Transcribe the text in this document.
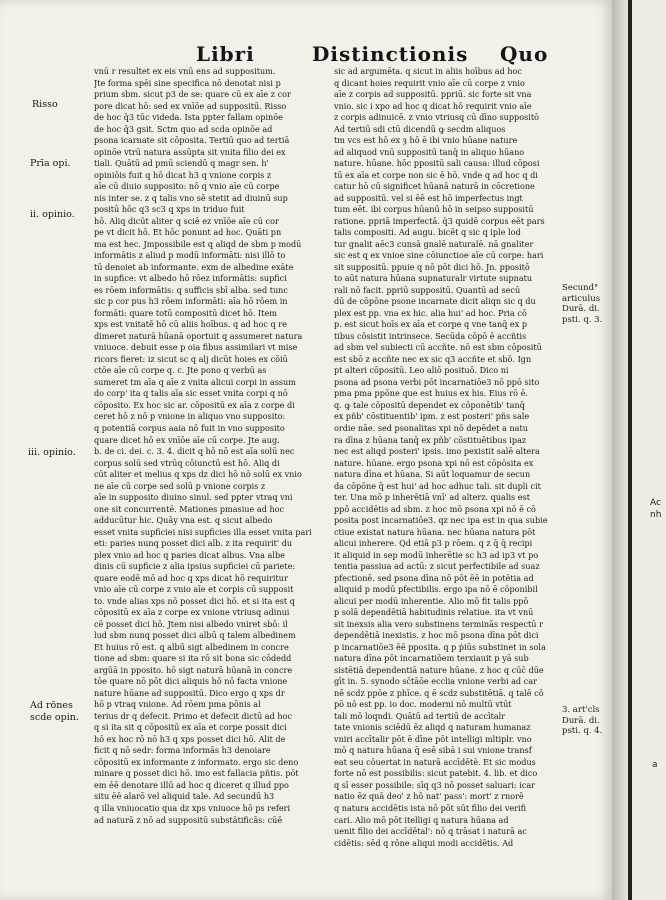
Libri	Distinctionis Quo
Risso
Prīa opi.
ii. opinio.
iii. opinio.
Ad rōnes
scde opin.
vnū r resultet ex eis vnū ens ad suppositum.
Jte forma spēi sine specifica nō denotat nisi p
prium sbm. sicut p3 de se: quare cū ex aīe z cor
pore dicat hō: sed ex vnīōe ad suppositū. Risso
de hoc q̄3 tūc videda. Ista ppter fallam opinōe
de hoc q̄3 gsit. Sctm quo ad scda opinōe ad
psona icarnate sit cōposita. Tertiū quo ad tertiā
opinōe vtrū natura assūpta sit vnita filio dei ex
tiali. Quātū ad pmū sciendū q magr sen. h'
opiniōis fuit q hō dicat h3 q vnione corpis z
aīe cū diuio supposito: nō q vnio aīe cū corpe
nis inter se. z q talis vno sē stetit ad diuinū sup
positū hōc q3 sc3 q xps in triduo fuit
hō. Aliq dicūt aliter q sciē ez vnīōe aīe cū cor
pe vt dicit hō. Et hōc ponunt ad hoc. Quāti pn
ma est hec. Jmpossibile est q aliqd de sbm p modū
informātis z aliud p modū informāti: nisi illō to
tū denoiet ab informante. exm de albedine exāte
in supfice: vt albedo hō rōez informātis: supfici
es rōem informātis: q sufficis sbī alba. sed tunc
sic p cor pus h3 rōem informāti: aīa hō rōem in
formāti: quare totū compositū dicet hō. Item
xps est vnitatē hō cū aliis hoībus. q ad hoc q re
dimeret naturā hūanā oportuit q assumeret natura
vniuoce. debuit esse p oia fibus assimilari vt mise
ricors fieret: iz sicut sc q alj dicūt hoies ex cōiū
ctōe aīe cū corpe q. c. Jte pono q verbū as
sumeret tm aīa q aīe z vnita alicui corpi in assum
do corp' ita q talis aīa sic esset vnita corpi q nō
cōposito. Ex hoc sic ar. cōpositū ex aīa z corpe di
ceret hō z nō p vnione in aliquo vno supposito:
q potentiā corpus aaia nō fuit in vno supposito
quare dicet hō ex vnīōe aīe cū corpe. Jte aug.
b. de ci. dei. c. 3. 4. dicit q hō nō est aīa solū nec
corpus solū sed vtrūq cōiunctū est hō. Aliq di
cūt aliter et melius q xps dz dici hō nō solū ex vnio
ne aīe cū corpe sed solū p vnione corpis z
aīe in supposito diuino sinul. sed ppter vtraq vni
one sit concurrentē. Mationes pmasiue ad hoc
adducūtur hic. Quāy vna est. q sicut albedo
esset vnita supficiei nisi supficies illa esset vnita pari
eti: paries nunq posset dici alb. z ita requirit' du
plex vnio ad hoc q paries dicat albus. Vna albe
dinis cū supficie z alia ipsius supficiei cū pariete:
quare eodē mō ad hoc q xps dicat hō requiritur
vnio aīe cū corpe z vnio aīe et corpis cū supposit
to. vnde alias xps nō posset dici hō. et si ita est q
cōpositū ex aīa z corpe ex vnione vtriusq adinui
cē posset dici hō. Jtem nisi albedo vniret sbō: il
lud sbm nunq posset dici albū q talem albedinem
Et huius rō est. q albū sigt albedinem in concre
tione ad sbm: quare si ita rō sit bona sic cōdedd
argūā in pposito. hō sigt naturā hūanā in concre
tōe quare nō pōt dici aliquis hō nō facta vnione
nature hūane ad suppositū. Dico ergo q xps dr
hō p vtraq vnione. Ad rōem pma pōnis al
terius dr q defecit. Primo et defecit dictū ad hoc
q si ita sit q cōpositū ex aīa et corpe possit dici
hō ex hoc rō nō h3 q xps posset dici hō. Alit de
ficit q nō sedr: forma informās h3 denoiare
cōpositū ex informante z informato. ergo sic deno
minare q posset dici hō. imo est fallacia pñtis. pōt
em ēē denotare illū ad hoc q diceret q illud ppo
situ ēē alarō vel aliquid tale. Ad secundū h3
q illa vniuocatio qua dz xps vniuoce hō ps referi
ad naturā z nō ad suppositū substātificās: cūē
sic ad argumēta. q sicut in aliis hoībus ad hoc
q dicant hoies requirit vnio aīe cū corpe z vnio
aīe z corpis ad suppositū. ppriū. sic forte sit vna
vnio. sic i xpo ad hoc q dicat hō requirit vnio aīe
z corpis adinuicē. z vnio vtriusq cū dīno suppositō
Ad tertiū sdi ctū dicendū ꝙ secdm aliquos
tm vcs est hō ex ȝ hō ē ibi vnio hūane nature
ad aliquod vnū suppositū tanq̄ in aliquo hūano
nature. hūane. hōc ppositū sali causa: illud cōposi
tū ex aīa et corpe non sic ē hō. vnde q ad hoc q di
catur hō cū significet hūanā naturā in cōcretione
ad suppositū. vel si ēē est hō imperfectus ingt
tum eēt. ibi corpus hūanū hō in seipso suppositū
ratione. ppriā imperfectā. q̄3 quidē corpus eēt pars
talis compositi. Ad augu. bicēt q sic q iple lod
tur gnalit aēc3 cunsā gnalē naturalē. nā gnaliter
sic est q ex vnioe sine cōiunctioe aīe cū corpe: hari
sit suppositū. ppuie q nō pōt dici hō. Jn. ppositō
to aūt natura hūana supnaturalr virtute supnatu
rali nō facit. ppriū suppositū. Quantū ad secū
dū de cōpōne psone incarnate dicit aliqn sic q du
plex est pp. vna ex hic. alia hui' ad hoc. Pria cō
p. est sicut hoīs ex aīa et corpe q vne tanq̄ ex p
tibus cōsistit intrinsece. Secūda cōpō ē accñtis
ad sbm vel subiecti cū accñte. nō est sbm cōpositū
est sbō z accñte nec ex sic q3 accñte et sbō. Ign
pt alteri cōpositū. Leo aliō posituō. Dico ni
psona ad psona verbi pōt incarnatiōe3 nō ppō sito
pma pma ppōne que est huius ex his. Eius rō ē.
q. ꝙ tale cōpositū dependet ex cōponētib' tanq̄
ex pñb' cōstituentib' ipm. z est posteri' pñs sale
ordie nāe. sed psonalitas xpi nō depēdet a natu
ra dīna z hūana tanq̄ ex pñb' cōstituētibus ipaz
nec est aliqd posteri' ipsis. imo pexistit salē altera
nature. hūane. ergo psona xpi nō est cōpōsita ex
natura dīna et hūana. Si aūt loquamur de secun
da cōpōne q̄ est hui' ad hoc adhuc tali. sit dupli cit
ter. Una mō p inherētiā vnī' ad alterz. qualis est
ppō accidētis ad sbm. z hoc mō psona xpi nō ē cō
posita post incarnatiōe3. qz nec ipa est in qua subie
ctiue existat natura hūana. nec hūana natura pōt
alicui inherere. Qd etiā p3 p rōem. q z q̄ q̄ recipi
it aliquid in sep modū inherētie sc h3 ad ip3 vt po
tentia passiua ad actū: z sicut perfectibile ad suaz
pfectionē. sed psona dīna nō pōt ēē in potētia ad
aliquid p modū pfectibilis. ergo ipa nō ē cōponibil
alicui per modū inherentie. Alio mō fit talis ppō
p solā dependētiā habitudinis relatiue. ita vt vnū
sit inexsis alia vero substinens terminās respectū r
dependētiā inexistis. z hoc mō psona dīna pōt dici
p incarnatiōe3 ēē pposita. q p ṗiūs substinet in sola
natura dīna pōt incarnatiōem terxiauit p yā sub
sistētiā dependentiā nature hūane. z hoc q cūc̄ dūe
gīt in. 5. synodo sc̄tāōe ecclia vnione verbi ad car
nē scdz ppōe z phīce. q ē scdz substitētiā. q talē cō
pō nō est pp. io doc. moderni nō multū vtūt
tali mō loqndi. Quātū ad tertiū de accītalr
tate vnionis sciēdū ēz aliqd q naturam humanaz
vniri accītalir pōt ē dīne pōt intelligi mltiplr. vno
mō q natura hūana q̄ esē sibā i sui vnione transf
eat seu cōuertat in naturā accīdētē. Et sic modus
forte nō est possibilis: sicut patebit. 4. lib. et dico
q sī esser possibile: sīq q3 nō posset saluari: icar
natio ēz quā deo' z hō nat' pass': mort' z rnorē
q natura accidētis ista nō pōt sūt filio dei verifi
cari. Alio mō pōt itelligi q natura hūana ad
uenit filio dei accīdētal': nō q trāsat i naturā ac
cidētis: sēd q rōne aliqui modi accidētis. Ad
Secund°
articulus
Durā. di.
psti. q. 3.
3. art'cls
Durā. di.
psti. q. 4.
Ac
nh
a
